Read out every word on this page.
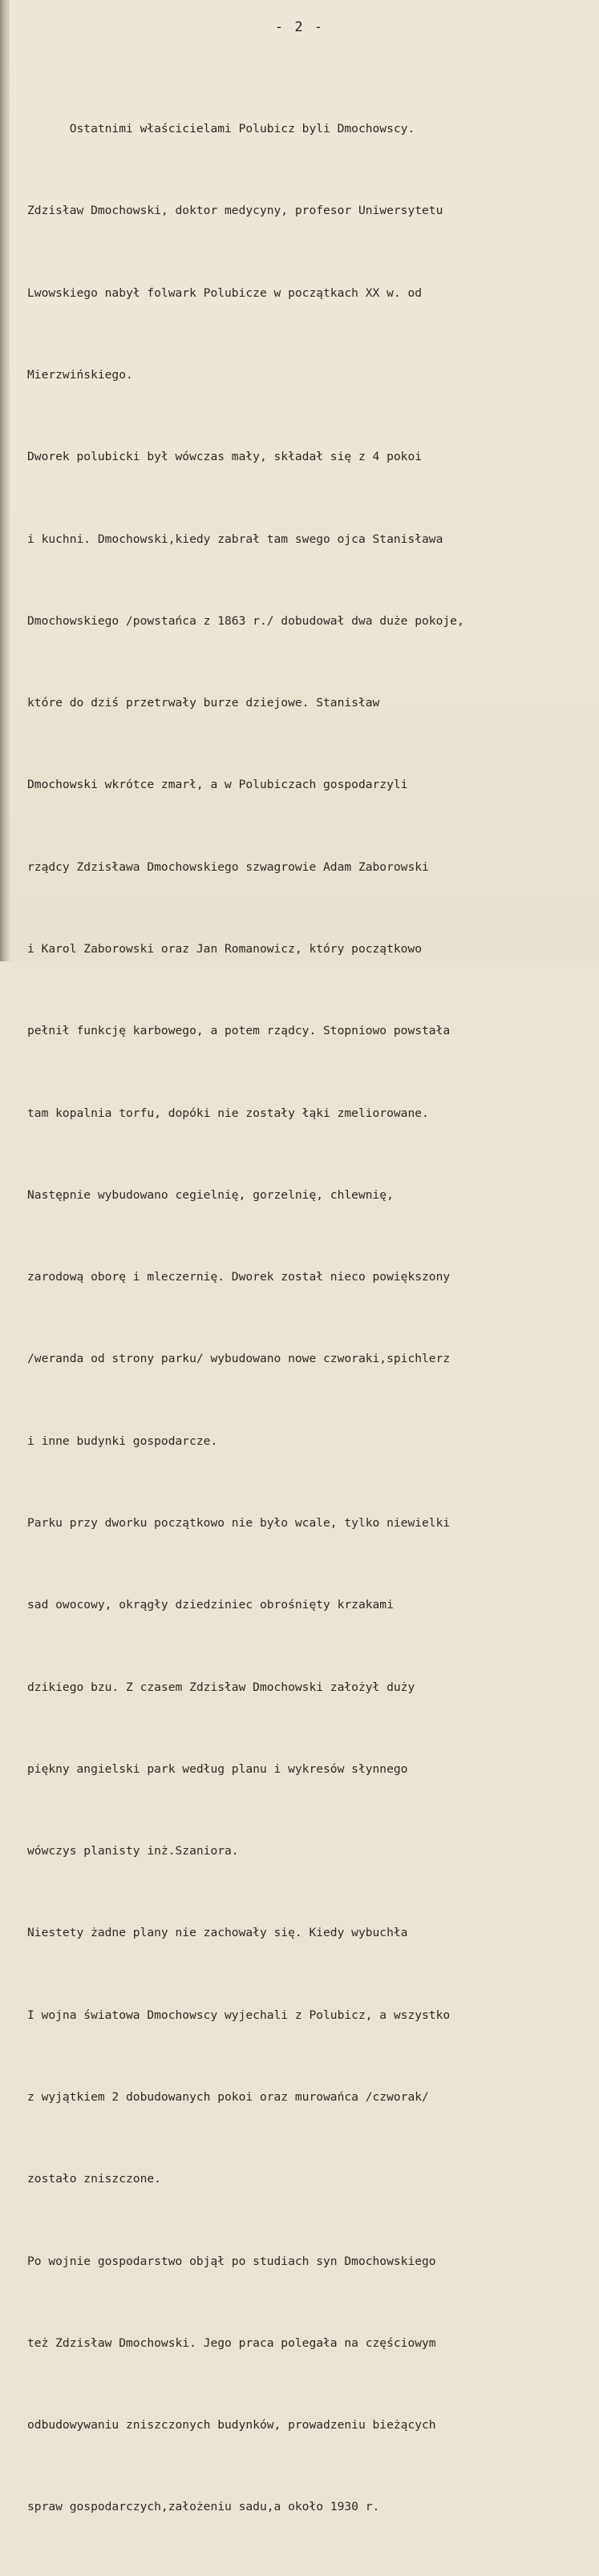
- 2 -

Ostatnimi właścicielami Polubicz byli Dmochowscy.

Zdzisław Dmochowski, doktor medycyny, profesor Uniwersytetu

Lwowskiego nabył folwark Polubicze w początkach XX w. od

Mierzwińskiego.

Dworek polubicki był wówczas mały, składał się z 4 pokoi

i kuchni. Dmochowski,kiedy zabrał tam swego ojca Stanisława

Dmochowskiego /powstańca z 1863 r./ dobudował dwa duże pokoje,

które do dziś przetrwały burze dziejowe. Stanisław

Dmochowski wkrótce zmarł, a w Polubiczach gospodarzyli

rządcy Zdzisława Dmochowskiego szwagrowie Adam Zaborowski

i Karol Zaborowski oraz Jan Romanowicz, który początkowo

pełnił funkcję karbowego, a potem rządcy. Stopniowo powstała

tam kopalnia torfu, dopóki nie zostały łąki zmeliorowane.

Następnie wybudowano cegielnię, gorzelnię, chlewnię,

zarodową oborę i mleczernię. Dworek został nieco powiększony

/weranda od strony parku/ wybudowano nowe czworaki,spichlerz

i inne budynki gospodarcze.

Parku przy dworku początkowo nie było wcale, tylko niewielki

sad owocowy, okrągły dziedziniec obrośnięty krzakami

dzikiego bzu. Z czasem Zdzisław Dmochowski założył duży

piękny angielski park według planu i wykresów słynnego

wówczys planisty inż.Szaniora.

Niestety żadne plany nie zachowały się. Kiedy wybuchła

I wojna światowa Dmochowscy wyjechali z Polubicz, a wszystko

z wyjątkiem 2 dobudowanych pokoi oraz murowańca /czworak/

zostało zniszczone.

Po wojnie gospodarstwo objął po studiach syn Dmochowskiego

też Zdzisław Dmochowski. Jego praca polegała na częściowym

odbudowywaniu zniszczonych budynków, prowadzeniu bieżących

spraw gospodarczych,założeniu sadu,a około 1930 r.
